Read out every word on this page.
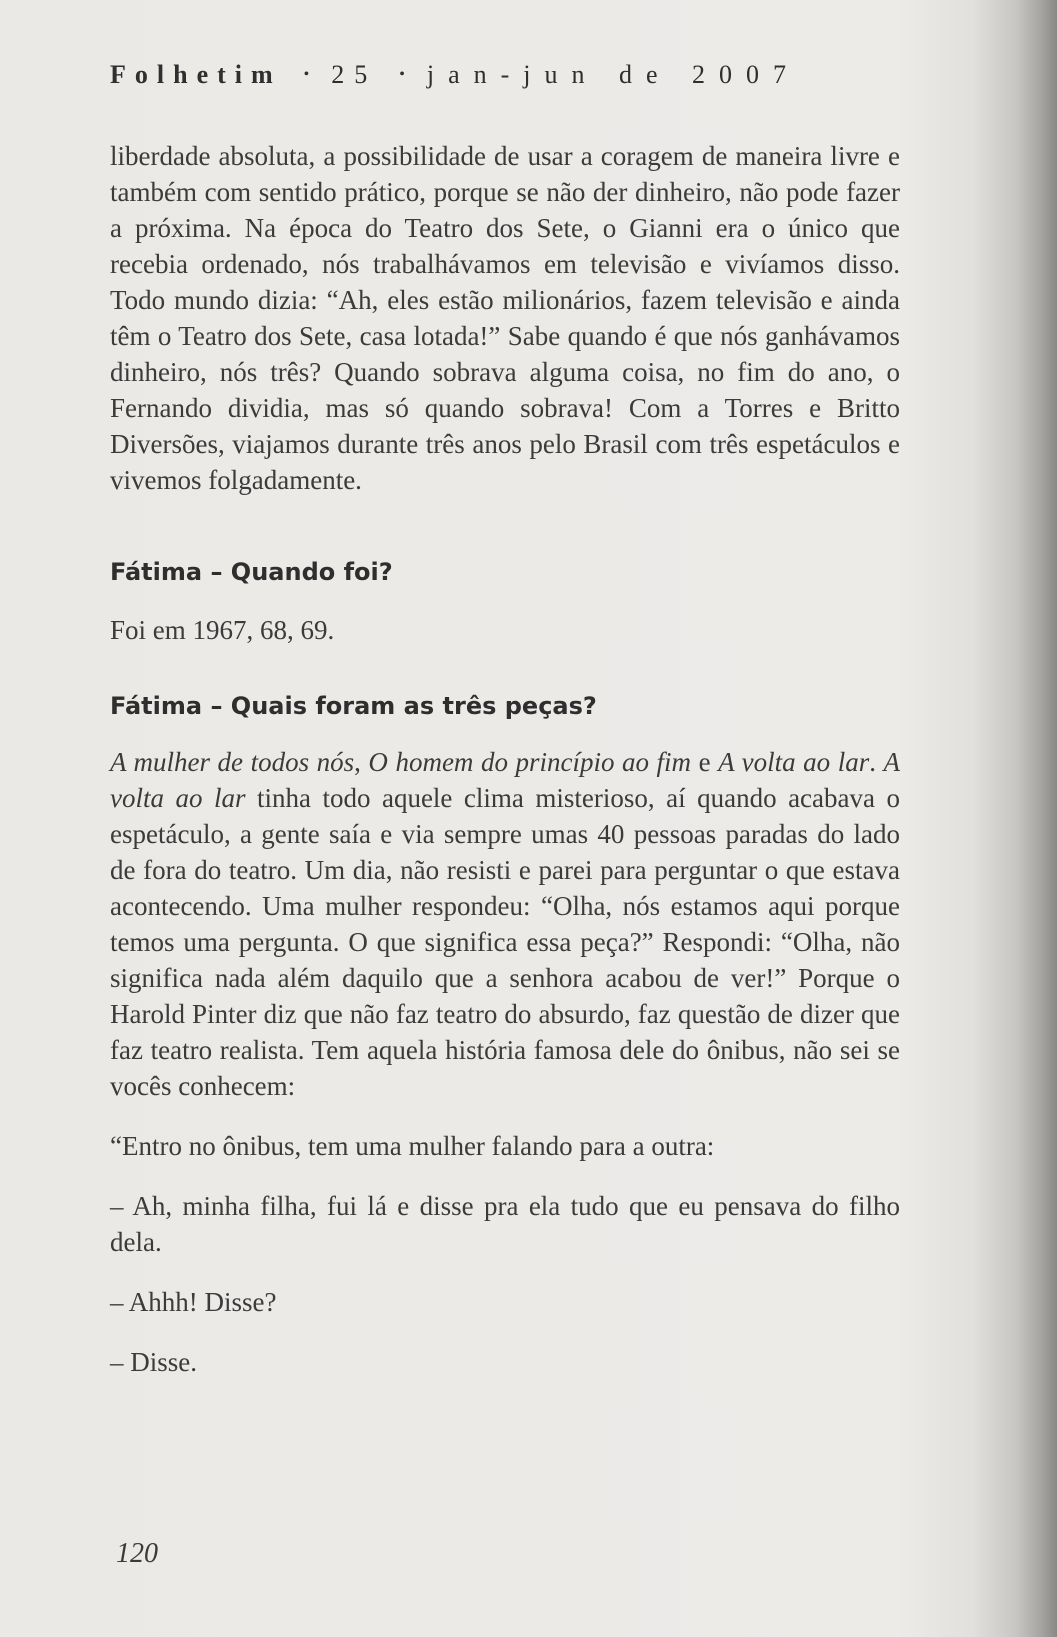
Folhetim • 25 • jan-jun de 2007

liberdade absoluta, a possibilidade de usar a coragem de maneira livre e também com sentido prático, porque se não der dinheiro, não pode fazer a próxima. Na época do Teatro dos Sete, o Gianni era o único que recebia ordenado, nós trabalhávamos em televisão e vivíamos disso. Todo mundo dizia: “Ah, eles estão milionários, fazem televisão e ainda têm o Teatro dos Sete, casa lotada!” Sabe quando é que nós ganhávamos dinheiro, nós três? Quando sobrava alguma coisa, no fim do ano, o Fernando dividia, mas só quando sobrava! Com a Torres e Britto Diversões, viajamos durante três anos pelo Brasil com três espetáculos e vivemos folgadamente.

Fátima – Quando foi?

Foi em 1967, 68, 69.

Fátima – Quais foram as três peças?

A mulher de todos nós, O homem do princípio ao fim e A volta ao lar. A volta ao lar tinha todo aquele clima misterioso, aí quando acabava o espetáculo, a gente saía e via sempre umas 40 pessoas paradas do lado de fora do teatro. Um dia, não resisti e parei para perguntar o que estava acontecendo. Uma mulher respondeu: “Olha, nós estamos aqui porque temos uma pergunta. O que significa essa peça?” Respondi: “Olha, não significa nada além daquilo que a senhora acabou de ver!” Porque o Harold Pinter diz que não faz teatro do absurdo, faz questão de dizer que faz teatro realista. Tem aquela história famosa dele do ônibus, não sei se vocês conhecem:

“Entro no ônibus, tem uma mulher falando para a outra:

– Ah, minha filha, fui lá e disse pra ela tudo que eu pensava do filho dela.

– Ahhh! Disse?

– Disse.

120
